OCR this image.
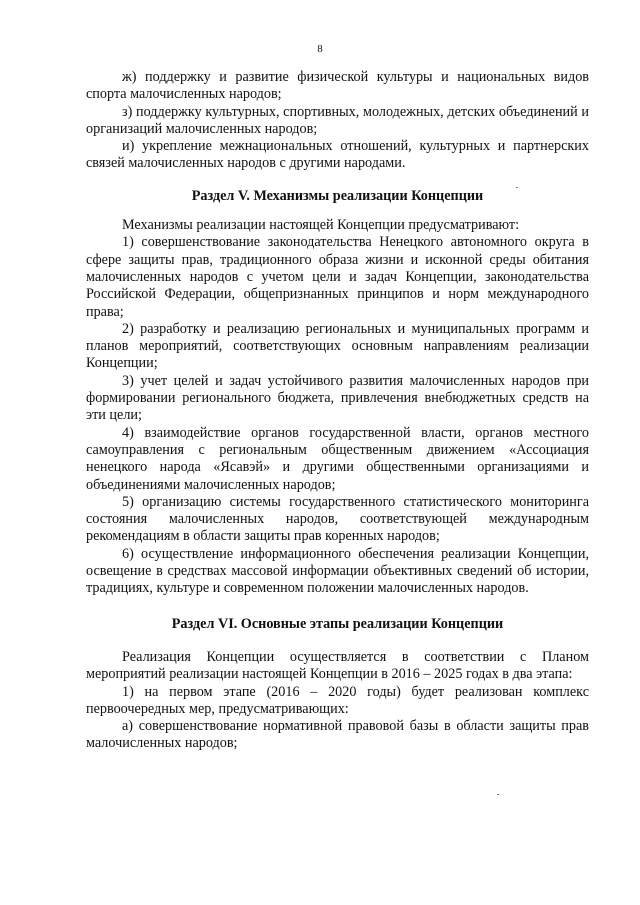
8

ж) поддержку и развитие физической культуры и национальных видов спорта малочисленных народов;

з) поддержку культурных, спортивных, молодежных, детских объединений и организаций малочисленных народов;

и) укрепление межнациональных отношений, культурных и партнерских связей малочисленных народов с другими народами.

Раздел V. Механизмы реализации Концепции

Механизмы реализации настоящей Концепции предусматривают:

1) совершенствование законодательства Ненецкого автономного округа в сфере защиты прав, традиционного образа жизни и исконной среды обитания малочисленных народов с учетом цели и задач Концепции, законодательства Российской Федерации, общепризнанных принципов и норм международного права;

2) разработку и реализацию региональных и муниципальных программ и планов мероприятий, соответствующих основным направлениям реализации Концепции;

3) учет целей и задач устойчивого развития малочисленных народов при формировании регионального бюджета, привлечения внебюджетных средств на эти цели;

4) взаимодействие органов государственной власти, органов местного самоуправления с региональным общественным движением «Ассоциация ненецкого народа «Ясавэй» и другими общественными организациями и объединениями малочисленных народов;

5) организацию системы государственного статистического мониторинга состояния малочисленных народов, соответствующей международным рекомендациям в области защиты прав коренных народов;

6) осуществление информационного обеспечения реализации Концепции, освещение в средствах массовой информации объективных сведений об истории, традициях, культуре и современном положении малочисленных народов.

Раздел VI. Основные этапы реализации Концепции

Реализация Концепции осуществляется в соответствии с Планом мероприятий реализации настоящей Концепции в 2016 – 2025 годах в два этапа:

1) на первом этапе (2016 – 2020 годы) будет реализован комплекс первоочередных мер, предусматривающих:

а) совершенствование нормативной правовой базы в области защиты прав малочисленных народов;
